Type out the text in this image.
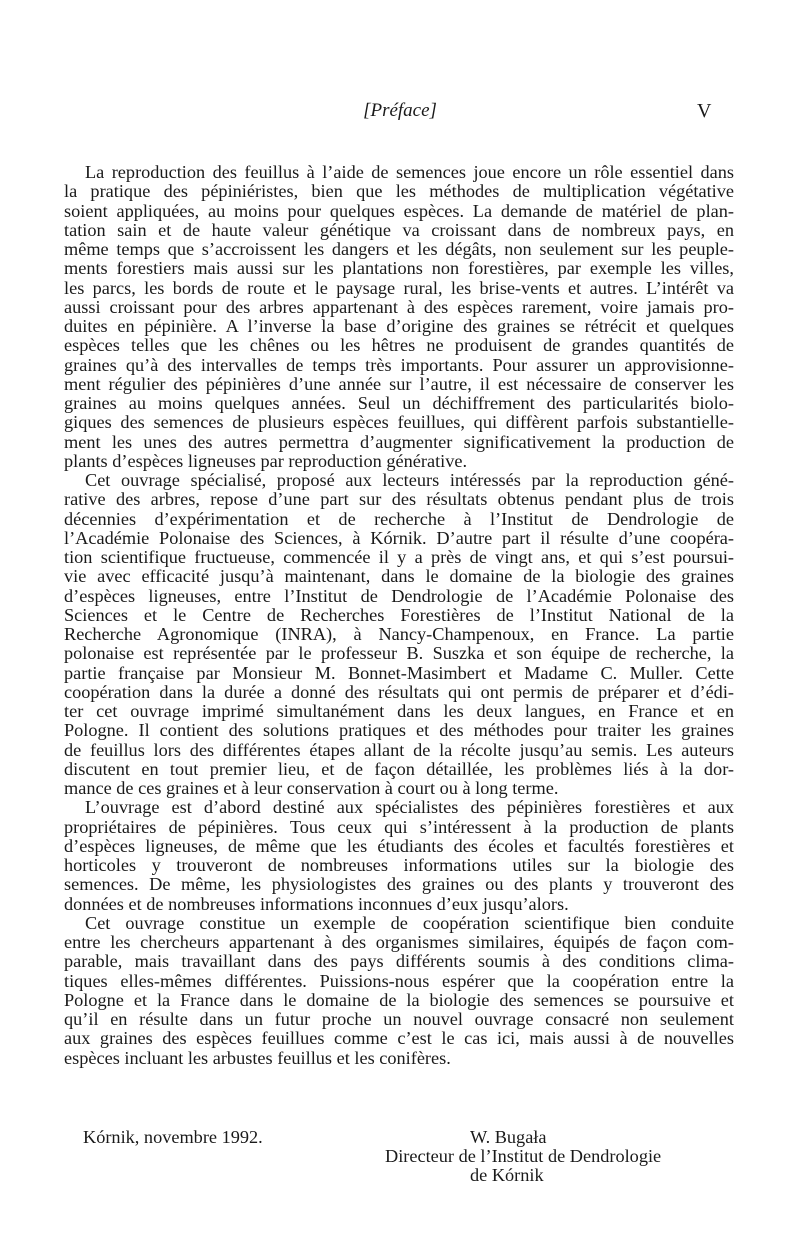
[Préface]	V
La reproduction des feuillus à l’aide de semences joue encore un rôle essentiel dans
la pratique des pépiniéristes, bien que les méthodes de multiplication végétative
soient appliquées, au moins pour quelques espèces. La demande de matériel de plan-
tation sain et de haute valeur génétique va croissant dans de nombreux pays, en
même temps que s’accroissent les dangers et les dégâts, non seulement sur les peuple-
ments forestiers mais aussi sur les plantations non forestières, par exemple les villes,
les parcs, les bords de route et le paysage rural, les brise-vents et autres. L’intérêt va
aussi croissant pour des arbres appartenant à des espèces rarement, voire jamais pro-
duites en pépinière. A l’inverse la base d’origine des graines se rétrécit et quelques
espèces telles que les chênes ou les hêtres ne produisent de grandes quantités de
graines qu’à des intervalles de temps très importants. Pour assurer un approvisionne-
ment régulier des pépinières d’une année sur l’autre, il est nécessaire de conserver les
graines au moins quelques années. Seul un déchiffrement des particularités biolo-
giques des semences de plusieurs espèces feuillues, qui diffèrent parfois substantielle-
ment les unes des autres permettra d’augmenter significativement la production de
plants d’espèces ligneuses par reproduction générative.
Cet ouvrage spécialisé, proposé aux lecteurs intéressés par la reproduction géné-
rative des arbres, repose d’une part sur des résultats obtenus pendant plus de trois
décennies d’expérimentation et de recherche à l’Institut de Dendrologie de
l’Académie Polonaise des Sciences, à Kórnik. D’autre part il résulte d’une coopéra-
tion scientifique fructueuse, commencée il y a près de vingt ans, et qui s’est poursui-
vie avec efficacité jusqu’à maintenant, dans le domaine de la biologie des graines
d’espèces ligneuses, entre l’Institut de Dendrologie de l’Académie Polonaise des
Sciences et le Centre de Recherches Forestières de l’Institut National de la
Recherche Agronomique (INRA), à Nancy-Champenoux, en France. La partie
polonaise est représentée par le professeur B. Suszka et son équipe de recherche, la
partie française par Monsieur M. Bonnet-Masimbert et Madame C. Muller. Cette
coopération dans la durée a donné des résultats qui ont permis de préparer et d’édi-
ter cet ouvrage imprimé simultanément dans les deux langues, en France et en
Pologne. Il contient des solutions pratiques et des méthodes pour traiter les graines
de feuillus lors des différentes étapes allant de la récolte jusqu’au semis. Les auteurs
discutent en tout premier lieu, et de façon détaillée, les problèmes liés à la dor-
mance de ces graines et à leur conservation à court ou à long terme.
L’ouvrage est d’abord destiné aux spécialistes des pépinières forestières et aux
propriétaires de pépinières. Tous ceux qui s’intéressent à la production de plants
d’espèces ligneuses, de même que les étudiants des écoles et facultés forestières et
horticoles y trouveront de nombreuses informations utiles sur la biologie des
semences. De même, les physiologistes des graines ou des plants y trouveront des
données et de nombreuses informations inconnues d’eux jusqu’alors.
Cet ouvrage constitue un exemple de coopération scientifique bien conduite
entre les chercheurs appartenant à des organismes similaires, équipés de façon com-
parable, mais travaillant dans des pays différents soumis à des conditions clima-
tiques elles-mêmes différentes. Puissions-nous espérer que la coopération entre la
Pologne et la France dans le domaine de la biologie des semences se poursuive et
qu’il en résulte dans un futur proche un nouvel ouvrage consacré non seulement
aux graines des espèces feuillues comme c’est le cas ici, mais aussi à de nouvelles
espèces incluant les arbustes feuillus et les conifères.
Kórnik, novembre 1992.	W. Bugała
Directeur de l’Institut de Dendrologie
de Kórnik
